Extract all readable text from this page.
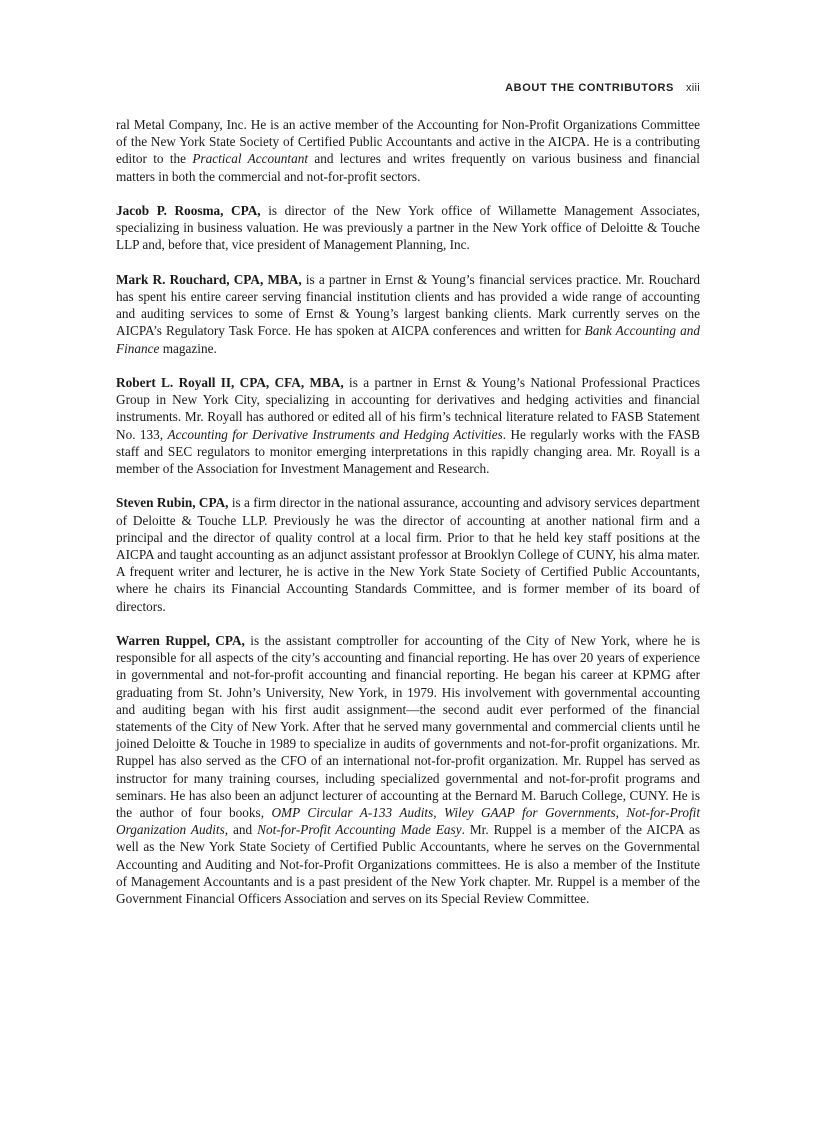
ABOUT THE CONTRIBUTORS xiii

ral Metal Company, Inc. He is an active member of the Accounting for Non-Profit Organizations Committee of the New York State Society of Certified Public Accountants and active in the AICPA. He is a contributing editor to the Practical Accountant and lectures and writes frequently on various business and financial matters in both the commercial and not-for-profit sectors.

Jacob P. Roosma, CPA, is director of the New York office of Willamette Management Associates, specializing in business valuation. He was previously a partner in the New York office of Deloitte & Touche LLP and, before that, vice president of Management Planning, Inc.

Mark R. Rouchard, CPA, MBA, is a partner in Ernst & Young’s financial services practice. Mr. Rouchard has spent his entire career serving financial institution clients and has provided a wide range of accounting and auditing services to some of Ernst & Young’s largest banking clients. Mark currently serves on the AICPA’s Regulatory Task Force. He has spoken at AICPA conferences and written for Bank Accounting and Finance magazine.

Robert L. Royall II, CPA, CFA, MBA, is a partner in Ernst & Young’s National Professional Practices Group in New York City, specializing in accounting for derivatives and hedging activities and financial instruments. Mr. Royall has authored or edited all of his firm’s technical literature related to FASB Statement No. 133, Accounting for Derivative Instruments and Hedging Activities. He regularly works with the FASB staff and SEC regulators to monitor emerging interpretations in this rapidly changing area. Mr. Royall is a member of the Association for Investment Management and Research.

Steven Rubin, CPA, is a firm director in the national assurance, accounting and advisory services department of Deloitte & Touche LLP. Previously he was the director of accounting at another national firm and a principal and the director of quality control at a local firm. Prior to that he held key staff positions at the AICPA and taught accounting as an adjunct assistant professor at Brooklyn College of CUNY, his alma mater. A frequent writer and lecturer, he is active in the New York State Society of Certified Public Accountants, where he chairs its Financial Accounting Standards Committee, and is former member of its board of directors.

Warren Ruppel, CPA, is the assistant comptroller for accounting of the City of New York, where he is responsible for all aspects of the city’s accounting and financial reporting. He has over 20 years of experience in governmental and not-for-profit accounting and financial reporting. He began his career at KPMG after graduating from St. John’s University, New York, in 1979. His involvement with governmental accounting and auditing began with his first audit assignment—the second audit ever performed of the financial statements of the City of New York. After that he served many governmental and commercial clients until he joined Deloitte & Touche in 1989 to specialize in audits of governments and not-for-profit organizations. Mr. Ruppel has also served as the CFO of an international not-for-profit organization. Mr. Ruppel has served as instructor for many training courses, including specialized governmental and not-for-profit programs and seminars. He has also been an adjunct lecturer of accounting at the Bernard M. Baruch College, CUNY. He is the author of four books, OMP Circular A-133 Audits, Wiley GAAP for Governments, Not-for-Profit Organization Audits, and Not-for-Profit Accounting Made Easy. Mr. Ruppel is a member of the AICPA as well as the New York State Society of Certified Public Accountants, where he serves on the Governmental Accounting and Auditing and Not-for-Profit Organizations committees. He is also a member of the Institute of Management Accountants and is a past president of the New York chapter. Mr. Ruppel is a member of the Government Financial Officers Association and serves on its Special Review Committee.
